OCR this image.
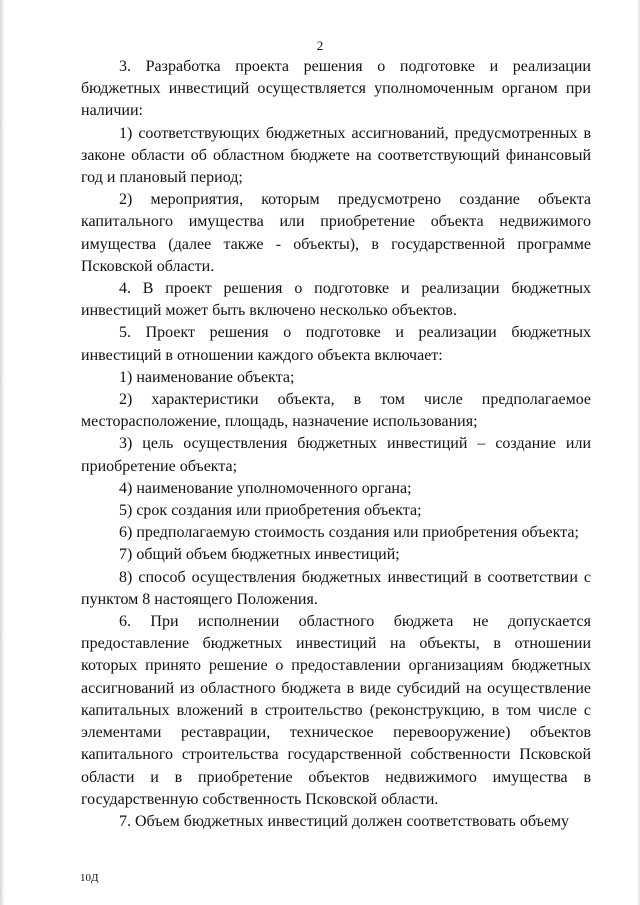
2

3. Разработка проекта решения о подготовке и реализации бюджетных инвестиций осуществляется уполномоченным органом при наличии:

1) соответствующих бюджетных ассигнований, предусмотренных в законе области об областном бюджете на соответствующий финансовый год и плановый период;

2) мероприятия, которым предусмотрено создание объекта капитального имущества или приобретение объекта недвижимого имущества (далее также - объекты), в государственной программе Псковской области.

4. В проект решения о подготовке и реализации бюджетных инвестиций может быть включено несколько объектов.

5. Проект решения о подготовке и реализации бюджетных инвестиций в отношении каждого объекта включает:

1) наименование объекта;

2) характеристики объекта, в том числе предполагаемое месторасположение, площадь, назначение использования;

3) цель осуществления бюджетных инвестиций – создание или приобретение объекта;

4) наименование уполномоченного органа;

5) срок создания или приобретения объекта;

6) предполагаемую стоимость создания или приобретения объекта;

7) общий объем бюджетных инвестиций;

8) способ осуществления бюджетных инвестиций в соответствии с пунктом 8 настоящего Положения.

6. При исполнении областного бюджета не допускается предоставление бюджетных инвестиций на объекты, в отношении которых принято решение о предоставлении организациям бюджетных ассигнований из областного бюджета в виде субсидий на осуществление капитальных вложений в строительство (реконструкцию, в том числе с элементами реставрации, техническое перевооружение) объектов капитального строительства государственной собственности Псковской области и в приобретение объектов недвижимого имущества в государственную собственность Псковской области.

7. Объем бюджетных инвестиций должен соответствовать объему

10Д
